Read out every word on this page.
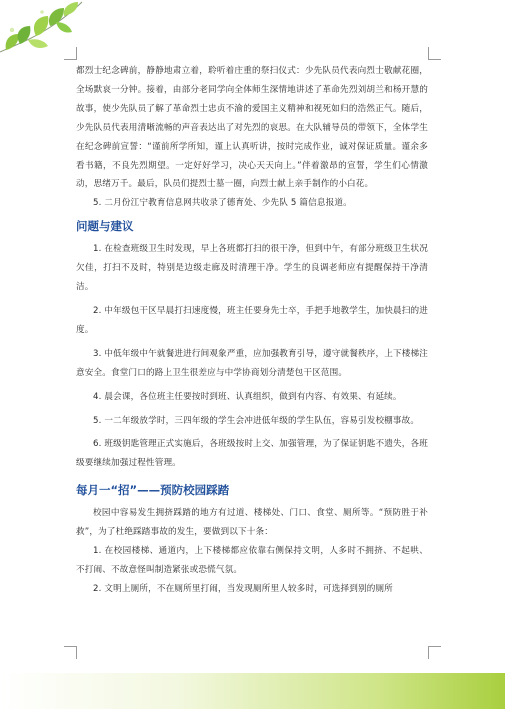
都烈士纪念碑前，静静地肃立着，聆听着庄重的祭扫仪式：少先队员代表向烈士敬献花圈，全场默哀一分钟。接着，由部分老同学向全体师生深情地讲述了革命先烈刘胡兰和杨开慧的故事，使少先队员了解了革命烈士忠贞不渝的爱国主义精神和视死如归的浩然正气。随后，少先队员代表用清晰流畅的声音表达出了对先烈的哀思。在大队辅导员的带领下，全体学生在纪念碑前宣誓：“谨前所学所知，谨上认真听讲，按时完成作业，诚对保证质量。谨余多看书籍，不良先烈期望。一定好好学习，决心天天向上。”伴着激昂的宣誓，学生们心情激动，思绪万千。最后，队员们提烈士墓一圈，向烈士献上亲手制作的小白花。

5. 二月份江宁教育信息网共收录了德育处、少先队 5 篇信息报道。

问题与建议

1. 在检查班级卫生时发现，早上各班都打扫的很干净，但到中午，有部分班级卫生状况欠佳，打扫不及时，特别是边级走廊及时清理干净。学生的良调老师应有提醒保持干净清洁。

2. 中年级包干区早晨打扫速度慢，班主任要身先士卒，手把手地教学生，加快晨扫的进度。

3. 中低年级中午就餐进进行间观象严重，应加强教育引导，遵守就餐秩序，上下楼梯注意安全。食堂门口的路上卫生很差应与中学协商划分清楚包干区范围。

4. 晨会课，各位班主任要按时到班、认真组织，做到有内容、有效果、有延续。

5. 一二年级放学时，三四年级的学生会冲进低年级的学生队伍，容易引发校棚事故。

6. 班级钥匙管理正式实施后，各班级按时上交、加强管理，为了保证钥匙不遗失，各班级要继续加强过程性管理。

每月一“招”——预防校园踩踏

校园中容易发生拥挤踩踏的地方有过道、楼梯处、门口、食堂、厕所等。“预防胜于补救”，为了杜绝踩踏事故的发生，要做到以下十条：

1. 在校园楼梯、通道内，上下楼梯都应依靠右侧保持文明，人多时不拥挤、不起哄、 不打闹、不故意怪叫制造紧张或恐慌气氛。

2. 文明上厕所，不在厕所里打闹，当发现厕所里人较多时，可选择到别的厕所
